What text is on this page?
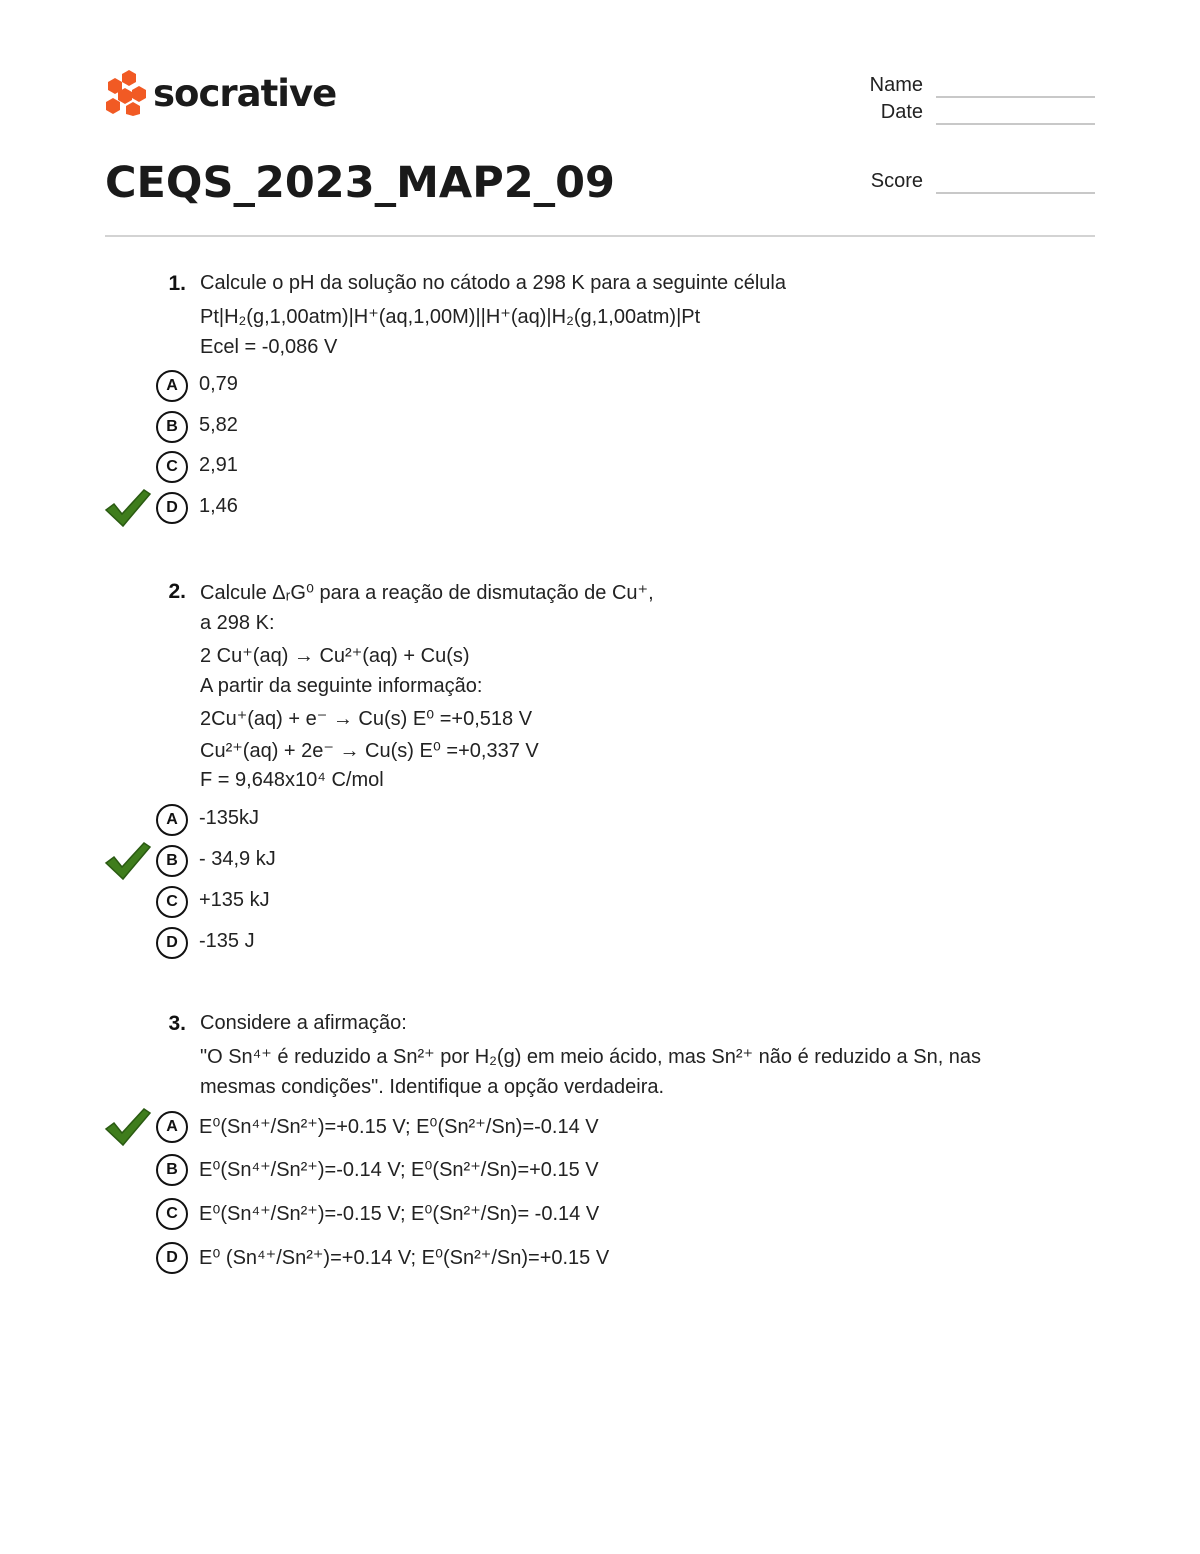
socrative	Name
Date
Score
CEQS_2023_MAP2_09
1. Calcule o pH da solução no cátodo a 298 K para a seguinte célula
Pt|H₂(g,1,00atm)|H⁺(aq,1,00M)||H⁺(aq)|H₂(g,1,00atm)|Pt
Ecel = -0,086 V
A	0,79
B	5,82
C	2,91
D	1,46
2. Calcule ΔᵣG⁰ para a reação de dismutação de Cu⁺,
a 298 K:
2 Cu⁺(aq) → Cu²⁺(aq) + Cu(s)
A partir da seguinte informação:
2Cu⁺(aq) + e⁻ → Cu(s) E⁰ =+0,518 V
Cu²⁺(aq) + 2e⁻ → Cu(s) E⁰ =+0,337 V
F = 9,648x10⁴ C/mol
A	-135kJ
B	- 34,9 kJ
C	+135 kJ
D	-135 J
3. Considere a afirmação:
"O Sn⁴⁺ é reduzido a Sn²⁺ por H₂(g) em meio ácido, mas Sn²⁺ não é reduzido a Sn, nas
mesmas condições". Identifique a opção verdadeira.
A	E⁰(Sn⁴⁺/Sn²⁺)=+0.15 V; E⁰(Sn²⁺/Sn)=-0.14 V
B	E⁰(Sn⁴⁺/Sn²⁺)=-0.14 V; E⁰(Sn²⁺/Sn)=+0.15 V
C	E⁰(Sn⁴⁺/Sn²⁺)=-0.15 V; E⁰(Sn²⁺/Sn)= -0.14 V
D	E⁰ (Sn⁴⁺/Sn²⁺)=+0.14 V; E⁰(Sn²⁺/Sn)=+0.15 V
